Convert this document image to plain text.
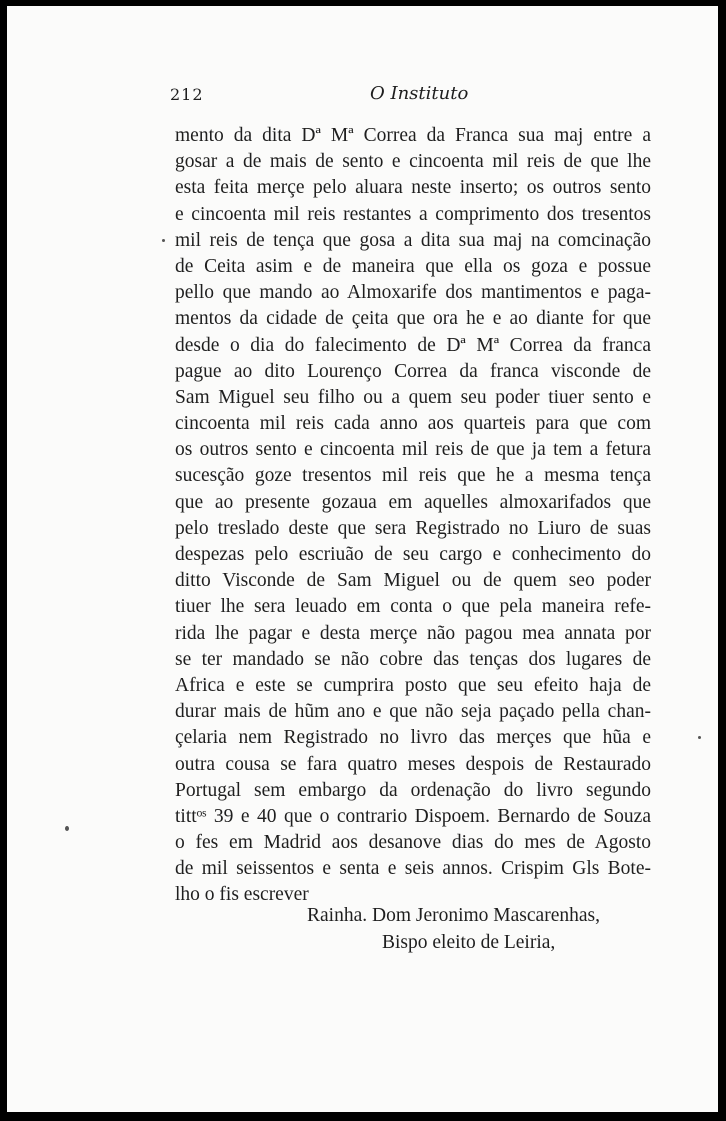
212	O Instituto
mento da dita Dª Mª Correa da Franca sua maj entre a
gosar a de mais de sento e cincoenta mil reis de que lhe
esta feita merçe pelo aluara neste inserto; os outros sento
e cincoenta mil reis restantes a comprimento dos tresentos
mil reis de tença que gosa a dita sua maj na comcinação
de Ceita asim e de maneira que ella os goza e possue
pello que mando ao Almoxarife dos mantimentos e paga-
mentos da cidade de çeita que ora he e ao diante for que
desde o dia do falecimento de Dª Mª Correa da franca
pague ao dito Lourenço Correa da franca visconde de
Sam Miguel seu filho ou a quem seu poder tiuer sento e
cincoenta mil reis cada anno aos quarteis para que com
os outros sento e cincoenta mil reis de que ja tem a fetura
sucesção goze tresentos mil reis que he a mesma tença
que ao presente gozaua em aquelles almoxarifados que
pelo treslado deste que sera Registrado no Liuro de suas
despezas pelo escriuão de seu cargo e conhecimento do
ditto Visconde de Sam Miguel ou de quem seo poder
tiuer lhe sera leuado em conta o que pela maneira refe-
rida lhe pagar e desta merçe não pagou mea annata por
se ter mandado se não cobre das tenças dos lugares de
Africa e este se cumprira posto que seu efeito haja de
durar mais de hũm ano e que não seja paçado pella chan-
çelaria nem Registrado no livro das merçes que hũa e
outra cousa se fara quatro meses despois de Restaurado
Portugal sem embargo da ordenação do livro segundo
tittᵒˢ 39 e 40 que o contrario Dispoem. Bernardo de Souza
o fes em Madrid aos desanove dias do mes de Agosto
de mil seissentos e senta e seis annos. Crispim Gls Bote-
lho o fis escrever
Rainha. Dom Jeronimo Mascarenhas,
Bispo eleito de Leiria,
